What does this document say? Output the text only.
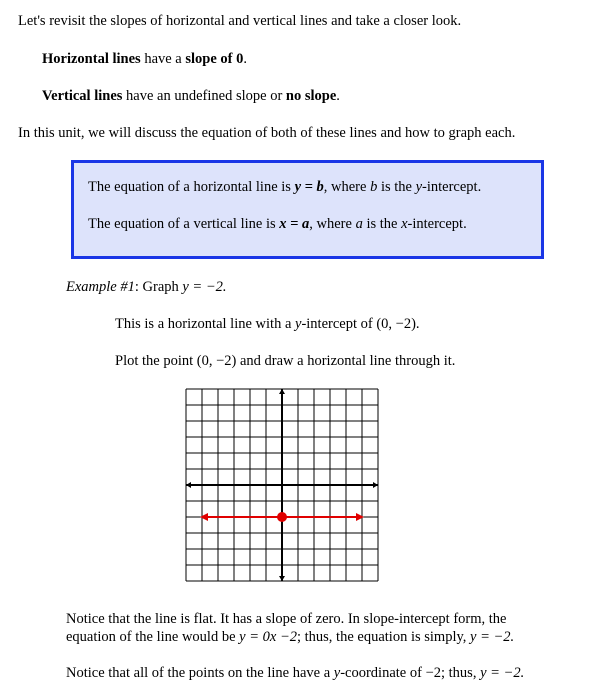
Let's revisit the slopes of horizontal and vertical lines and take a closer look.
Horizontal lines have a slope of 0.
Vertical lines have an undefined slope or no slope.
In this unit, we will discuss the equation of both of these lines and how to graph each.
The equation of a horizontal line is y = b, where b is the y-intercept.
The equation of a vertical line is x = a, where a is the x-intercept.
Example #1: Graph y = −2.
This is a horizontal line with a y-intercept of (0, −2).
Plot the point (0, −2) and draw a horizontal line through it.
Notice that the line is flat. It has a slope of zero. In slope-intercept form, the
equation of the line would be y = 0x −2; thus, the equation is simply, y = −2.
Notice that all of the points on the line have a y-coordinate of −2; thus, y = −2.
